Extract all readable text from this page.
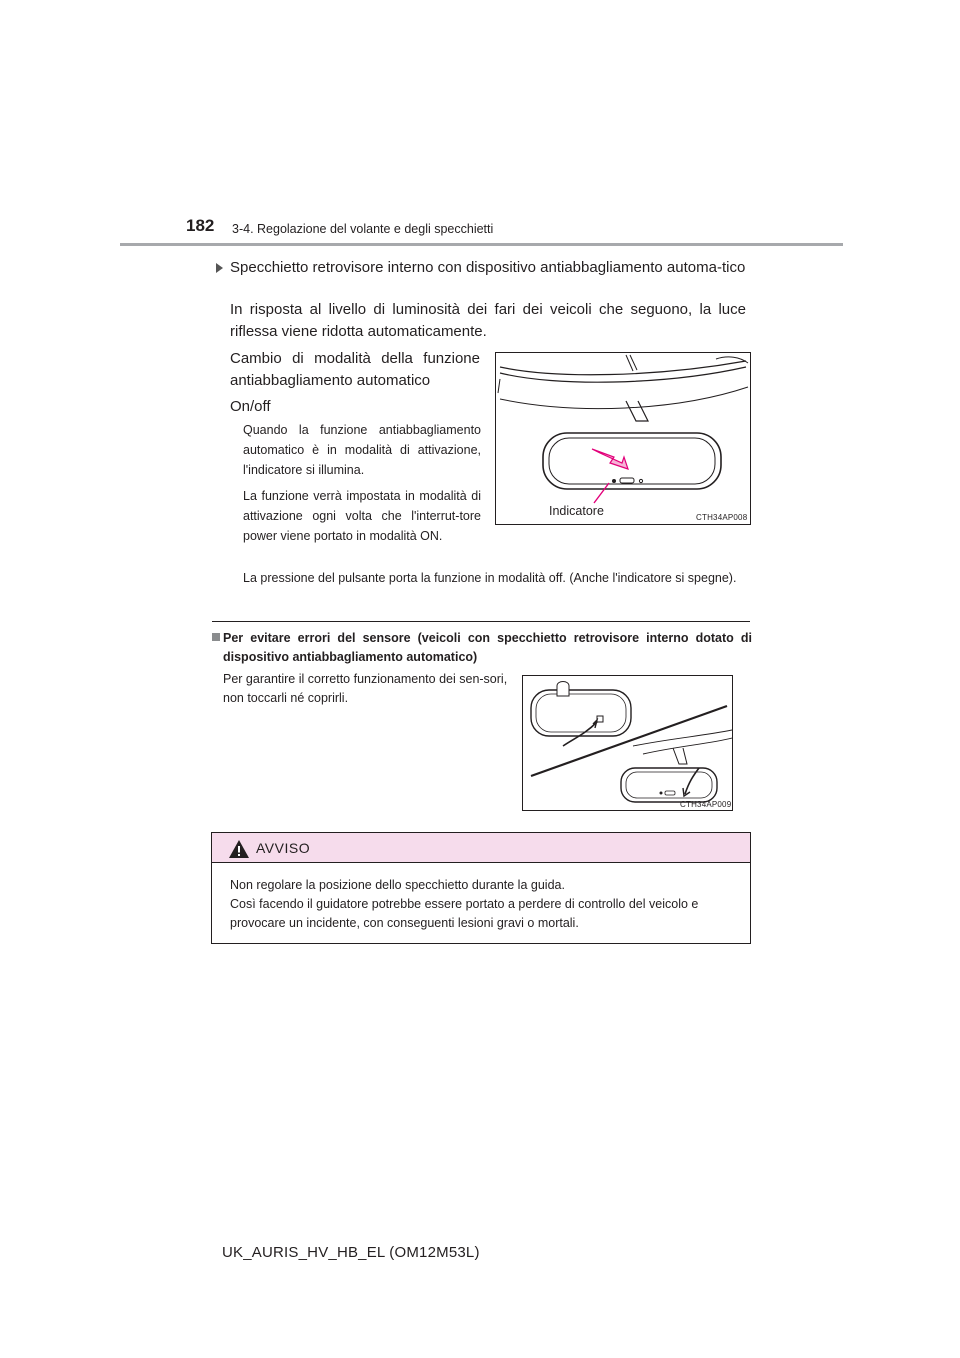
182 3-4. Regolazione del volante e degli specchietti
Specchietto retrovisore interno con dispositivo antiabbagliamento automa-tico
In risposta al livello di luminosità dei fari dei veicoli che seguono, la luce riflessa viene ridotta automaticamente.
Cambio di modalità della funzione antiabbagliamento automatico
On/off
Quando la funzione antiabbagliamento automatico è in modalità di attivazione, l'indicatore si illumina.
La funzione verrà impostata in modalità di attivazione ogni volta che l'interrut-tore power viene portato in modalità ON.
La pressione del pulsante porta la funzione in modalità off. (Anche l'indicatore si spegne).
Indicatore	CTH34AP008
Per evitare errori del sensore (veicoli con specchietto retrovisore interno dotato di dispositivo antiabbagliamento automatico)
Per garantire il corretto funzionamento dei sen-sori, non toccarli né coprirli.
CTH34AP009
AVVISO
Non regolare la posizione dello specchietto durante la guida.
Così facendo il guidatore potrebbe essere portato a perdere di controllo del veicolo e provocare un incidente, con conseguenti lesioni gravi o mortali.
UK_AURIS_HV_HB_EL (OM12M53L)
